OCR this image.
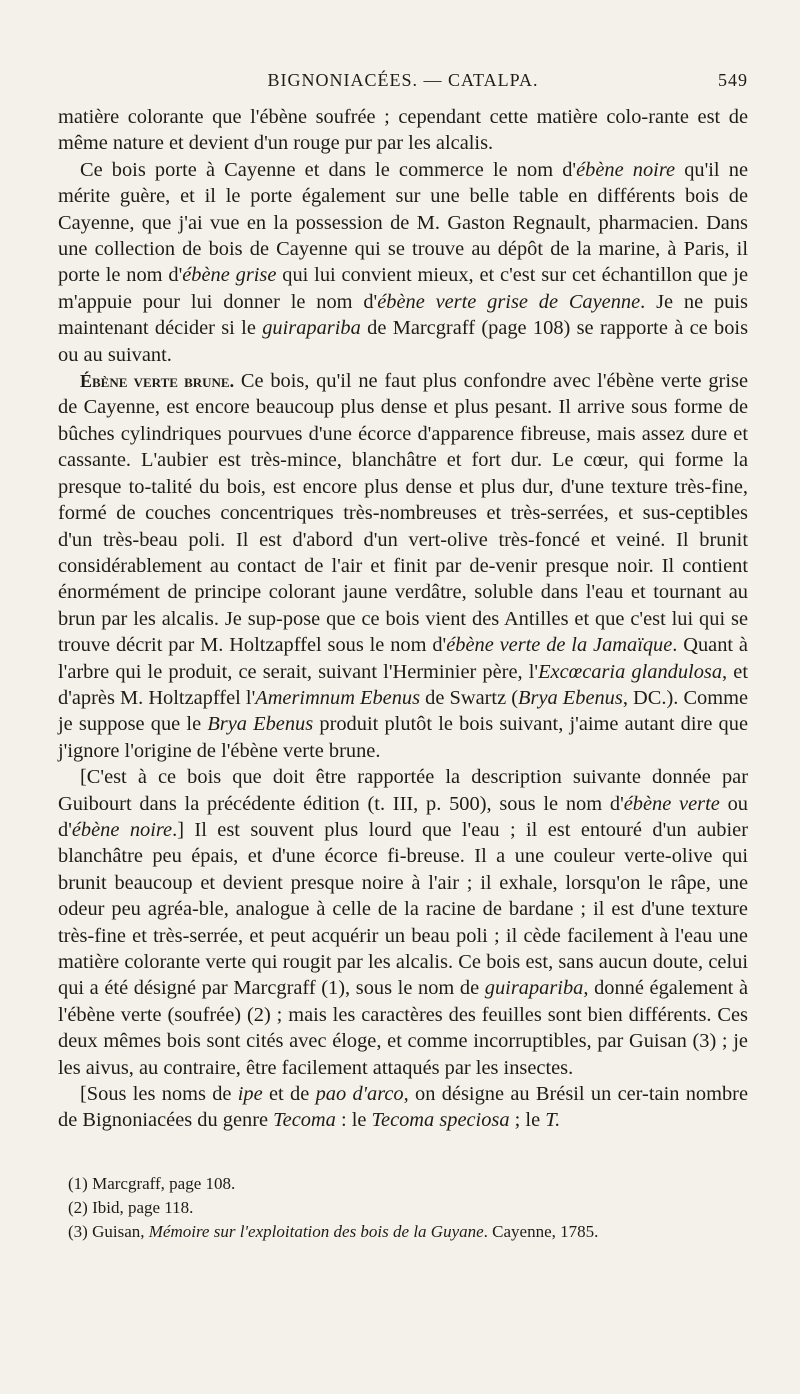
BIGNONIACÉES. — CATALPA.	549

matière colorante que l'ébène soufrée ; cependant cette matière colo-rante est de même nature et devient d'un rouge pur par les alcalis.

Ce bois porte à Cayenne et dans le commerce le nom d'ébène noire qu'il ne mérite guère, et il le porte également sur une belle table en différents bois de Cayenne, que j'ai vue en la possession de M. Gaston Regnault, pharmacien. Dans une collection de bois de Cayenne qui se trouve au dépôt de la marine, à Paris, il porte le nom d'ébène grise qui lui convient mieux, et c'est sur cet échantillon que je m'appuie pour lui donner le nom d'ébène verte grise de Cayenne. Je ne puis maintenant décider si le guirapariba de Marcgraff (page 108) se rapporte à ce bois ou au suivant.

Ébène verte brune. Ce bois, qu'il ne faut plus confondre avec l'ébène verte grise de Cayenne, est encore beaucoup plus dense et plus pesant. Il arrive sous forme de bûches cylindriques pourvues d'une écorce d'apparence fibreuse, mais assez dure et cassante. L'aubier est très-mince, blanchâtre et fort dur. Le cœur, qui forme la presque to-talité du bois, est encore plus dense et plus dur, d'une texture très-fine, formé de couches concentriques très-nombreuses et très-serrées, et sus-ceptibles d'un très-beau poli. Il est d'abord d'un vert-olive très-foncé et veiné. Il brunit considérablement au contact de l'air et finit par de-venir presque noir. Il contient énormément de principe colorant jaune verdâtre, soluble dans l'eau et tournant au brun par les alcalis. Je sup-pose que ce bois vient des Antilles et que c'est lui qui se trouve décrit par M. Holtzapffel sous le nom d'ébène verte de la Jamaïque. Quant à l'arbre qui le produit, ce serait, suivant l'Herminier père, l'Excœcaria glandulosa, et d'après M. Holtzapffel l'Amerimnum Ebenus de Swartz (Brya Ebenus, DC.). Comme je suppose que le Brya Ebenus produit plutôt le bois suivant, j'aime autant dire que j'ignore l'origine de l'ébène verte brune.

[C'est à ce bois que doit être rapportée la description suivante donnée par Guibourt dans la précédente édition (t. III, p. 500), sous le nom d'ébène verte ou d'ébène noire.] Il est souvent plus lourd que l'eau ; il est entouré d'un aubier blanchâtre peu épais, et d'une écorce fi-breuse. Il a une couleur verte-olive qui brunit beaucoup et devient presque noire à l'air ; il exhale, lorsqu'on le râpe, une odeur peu agréa-ble, analogue à celle de la racine de bardane ; il est d'une texture très-fine et très-serrée, et peut acquérir un beau poli ; il cède facilement à l'eau une matière colorante verte qui rougit par les alcalis. Ce bois est, sans aucun doute, celui qui a été désigné par Marcgraff (1), sous le nom de guirapariba, donné également à l'ébène verte (soufrée) (2) ; mais les caractères des feuilles sont bien différents. Ces deux mêmes bois sont cités avec éloge, et comme incorruptibles, par Guisan (3) ; je les aivus, au contraire, être facilement attaqués par les insectes.

[Sous les noms de ipe et de pao d'arco, on désigne au Brésil un cer-tain nombre de Bignoniacées du genre Tecoma : le Tecoma speciosa ; le T.

(1) Marcgraff, page 108.
(2) Ibid, page 118.
(3) Guisan, Mémoire sur l'exploitation des bois de la Guyane. Cayenne, 1785.
